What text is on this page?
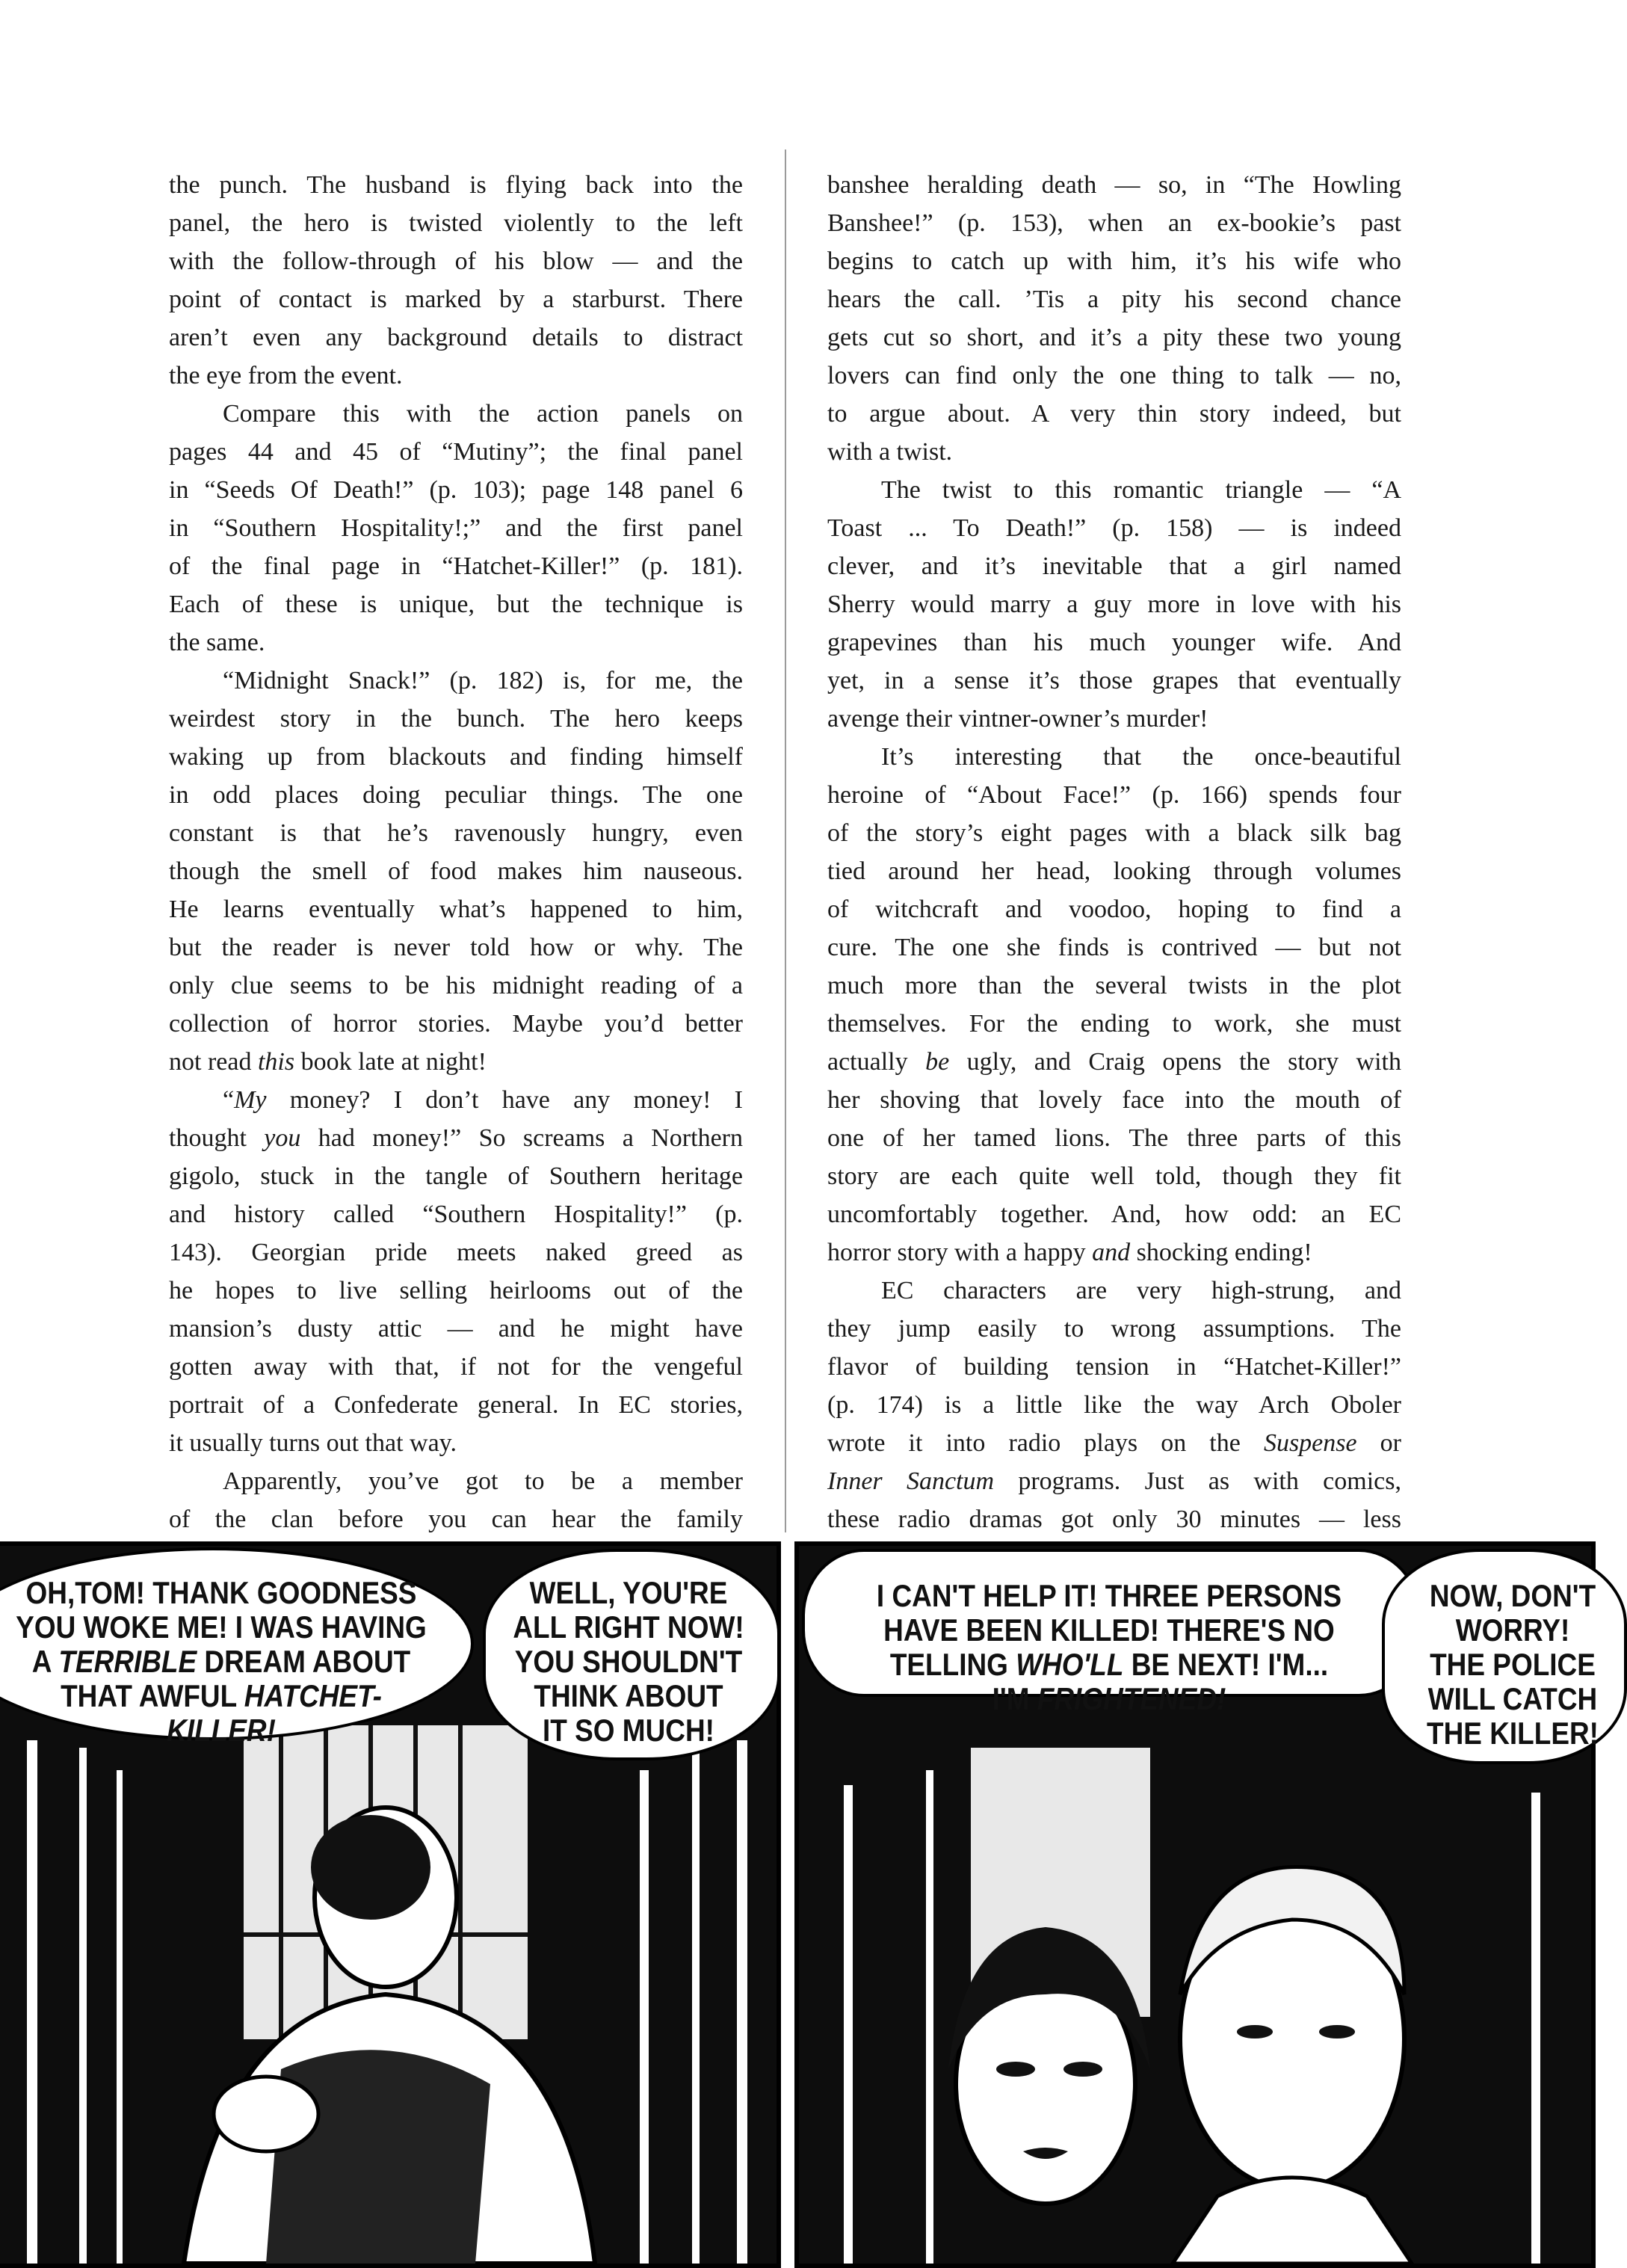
the punch. The husband is flying back into the
panel, the hero is twisted violently to the left
with the follow-through of his blow — and the
point of contact is marked by a starburst. There
aren’t even any background details to distract
the eye from the event.
Compare this with the action panels on
pages 44 and 45 of “Mutiny”; the final panel
in “Seeds Of Death!” (p. 103); page 148 panel 6
in “Southern Hospitality!;” and the first panel
of the final page in “Hatchet-Killer!” (p. 181).
Each of these is unique, but the technique is
the same.
“Midnight Snack!” (p. 182) is, for me, the
weirdest story in the bunch. The hero keeps
waking up from blackouts and finding himself
in odd places doing peculiar things. The one
constant is that he’s ravenously hungry, even
though the smell of food makes him nauseous.
He learns eventually what’s happened to him,
but the reader is never told how or why. The
only clue seems to be his midnight reading of a
collection of horror stories. Maybe you’d better
not read this book late at night!
“My money? I don’t have any money! I
thought you had money!” So screams a Northern
gigolo, stuck in the tangle of Southern heritage
and history called “Southern Hospitality!” (p.
143). Georgian pride meets naked greed as
he hopes to live selling heirlooms out of the
mansion’s dusty attic — and he might have
gotten away with that, if not for the vengeful
portrait of a Confederate general. In EC stories,
it usually turns out that way.
Apparently, you’ve got to be a member
of the clan before you can hear the family
banshee heralding death — so, in “The Howling
Banshee!” (p. 153), when an ex-bookie’s past
begins to catch up with him, it’s his wife who
hears the call. ’Tis a pity his second chance
gets cut so short, and it’s a pity these two young
lovers can find only the one thing to talk — no,
to argue about. A very thin story indeed, but
with a twist.
The twist to this romantic triangle — “A
Toast ... To Death!” (p. 158) — is indeed
clever, and it’s inevitable that a girl named
Sherry would marry a guy more in love with his
grapevines than his much younger wife. And
yet, in a sense it’s those grapes that eventually
avenge their vintner-owner’s murder!
It’s interesting that the once-beautiful
heroine of “About Face!” (p. 166) spends four
of the story’s eight pages with a black silk bag
tied around her head, looking through volumes
of witchcraft and voodoo, hoping to find a
cure. The one she finds is contrived — but not
much more than the several twists in the plot
themselves. For the ending to work, she must
actually be ugly, and Craig opens the story with
her shoving that lovely face into the mouth of
one of her tamed lions. The three parts of this
story are each quite well told, though they fit
uncomfortably together. And, how odd: an EC
horror story with a happy and shocking ending!
EC characters are very high-strung, and
they jump easily to wrong assumptions. The
flavor of building tension in “Hatchet-Killer!”
(p. 174) is a little like the way Arch Oboler
wrote it into radio plays on the Suspense or
Inner Sanctum programs. Just as with comics,
these radio dramas got only 30 minutes — less
OH,TOM! THANK GOODNESS
YOU WOKE ME! I WAS HAVING
A TERRIBLE DREAM ABOUT
THAT AWFUL HATCHET-
KILLER!
WELL, YOU'RE
ALL RIGHT NOW!
YOU SHOULDN'T
THINK ABOUT
IT SO MUCH!
I CAN'T HELP IT! THREE PERSONS
HAVE BEEN KILLED! THERE'S NO
TELLING WHO'LL BE NEXT! I'M...
I'M FRIGHTENED!
NOW, DON'T
WORRY!
THE POLICE
WILL CATCH
THE KILLER!
